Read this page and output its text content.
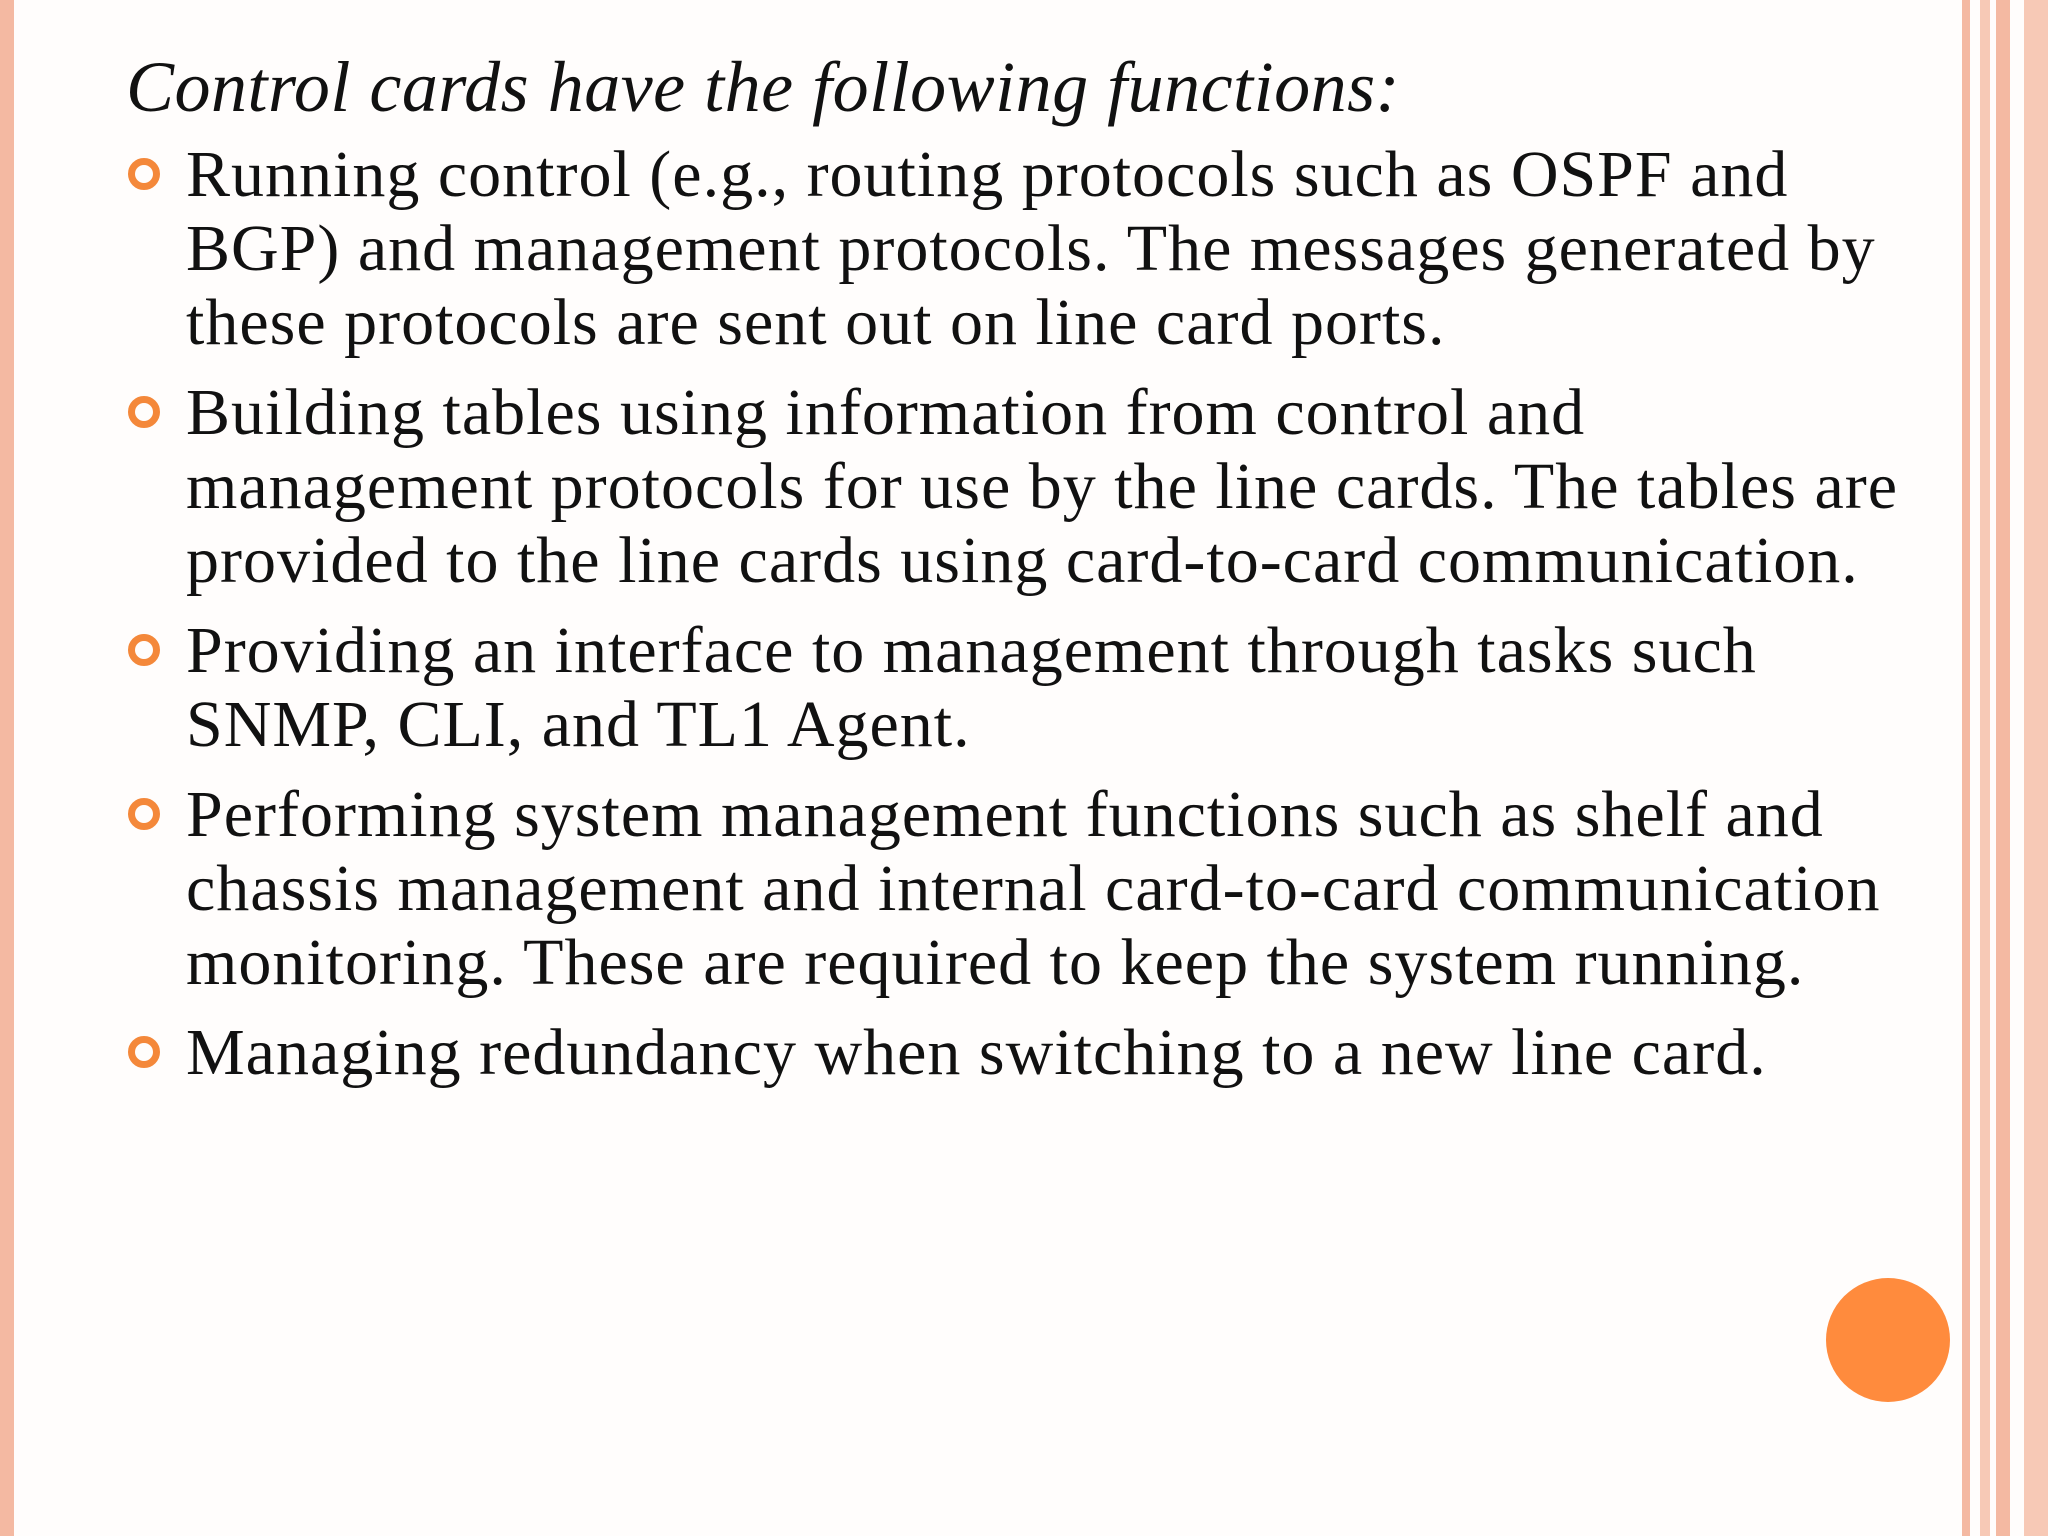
Control cards have the following functions:
Running control (e.g., routing protocols such as OSPF and BGP) and management protocols. The messages generated by these protocols are sent out on line card ports.
Building tables using information from control and management protocols for use by the line cards. The tables are provided to the line cards using card-to-card communication.
Providing an interface to management through tasks such SNMP, CLI, and TL1 Agent.
Performing system management functions such as shelf and chassis management and internal card-to-card communication monitoring. These are required to keep the system running.
Managing redundancy when switching to a new line card.
